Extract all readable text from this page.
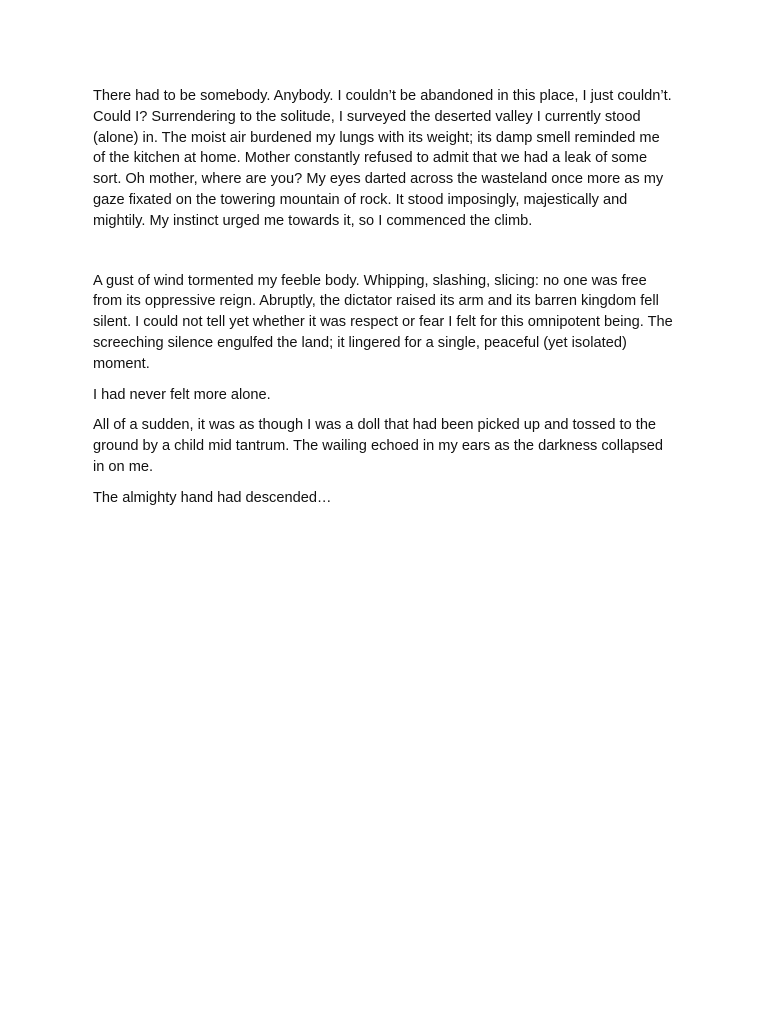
There had to be somebody. Anybody. I couldn’t be abandoned in this place, I just couldn’t. Could I? Surrendering to the solitude, I surveyed the deserted valley I currently stood (alone) in. The moist air burdened my lungs with its weight; its damp smell reminded me of the kitchen at home. Mother constantly refused to admit that we had a leak of some sort. Oh mother, where are you? My eyes darted across the wasteland once more as my gaze fixated on the towering mountain of rock. It stood imposingly, majestically and mightily. My instinct urged me towards it, so I commenced the climb.

A gust of wind tormented my feeble body. Whipping, slashing, slicing: no one was free from its oppressive reign. Abruptly, the dictator raised its arm and its barren kingdom fell silent. I could not tell yet whether it was respect or fear I felt for this omnipotent being. The screeching silence engulfed the land; it lingered for a single, peaceful (yet isolated) moment.

I had never felt more alone.

All of a sudden, it was as though I was a doll that had been picked up and tossed to the ground by a child mid tantrum. The wailing echoed in my ears as the darkness collapsed in on me.

The almighty hand had descended…
